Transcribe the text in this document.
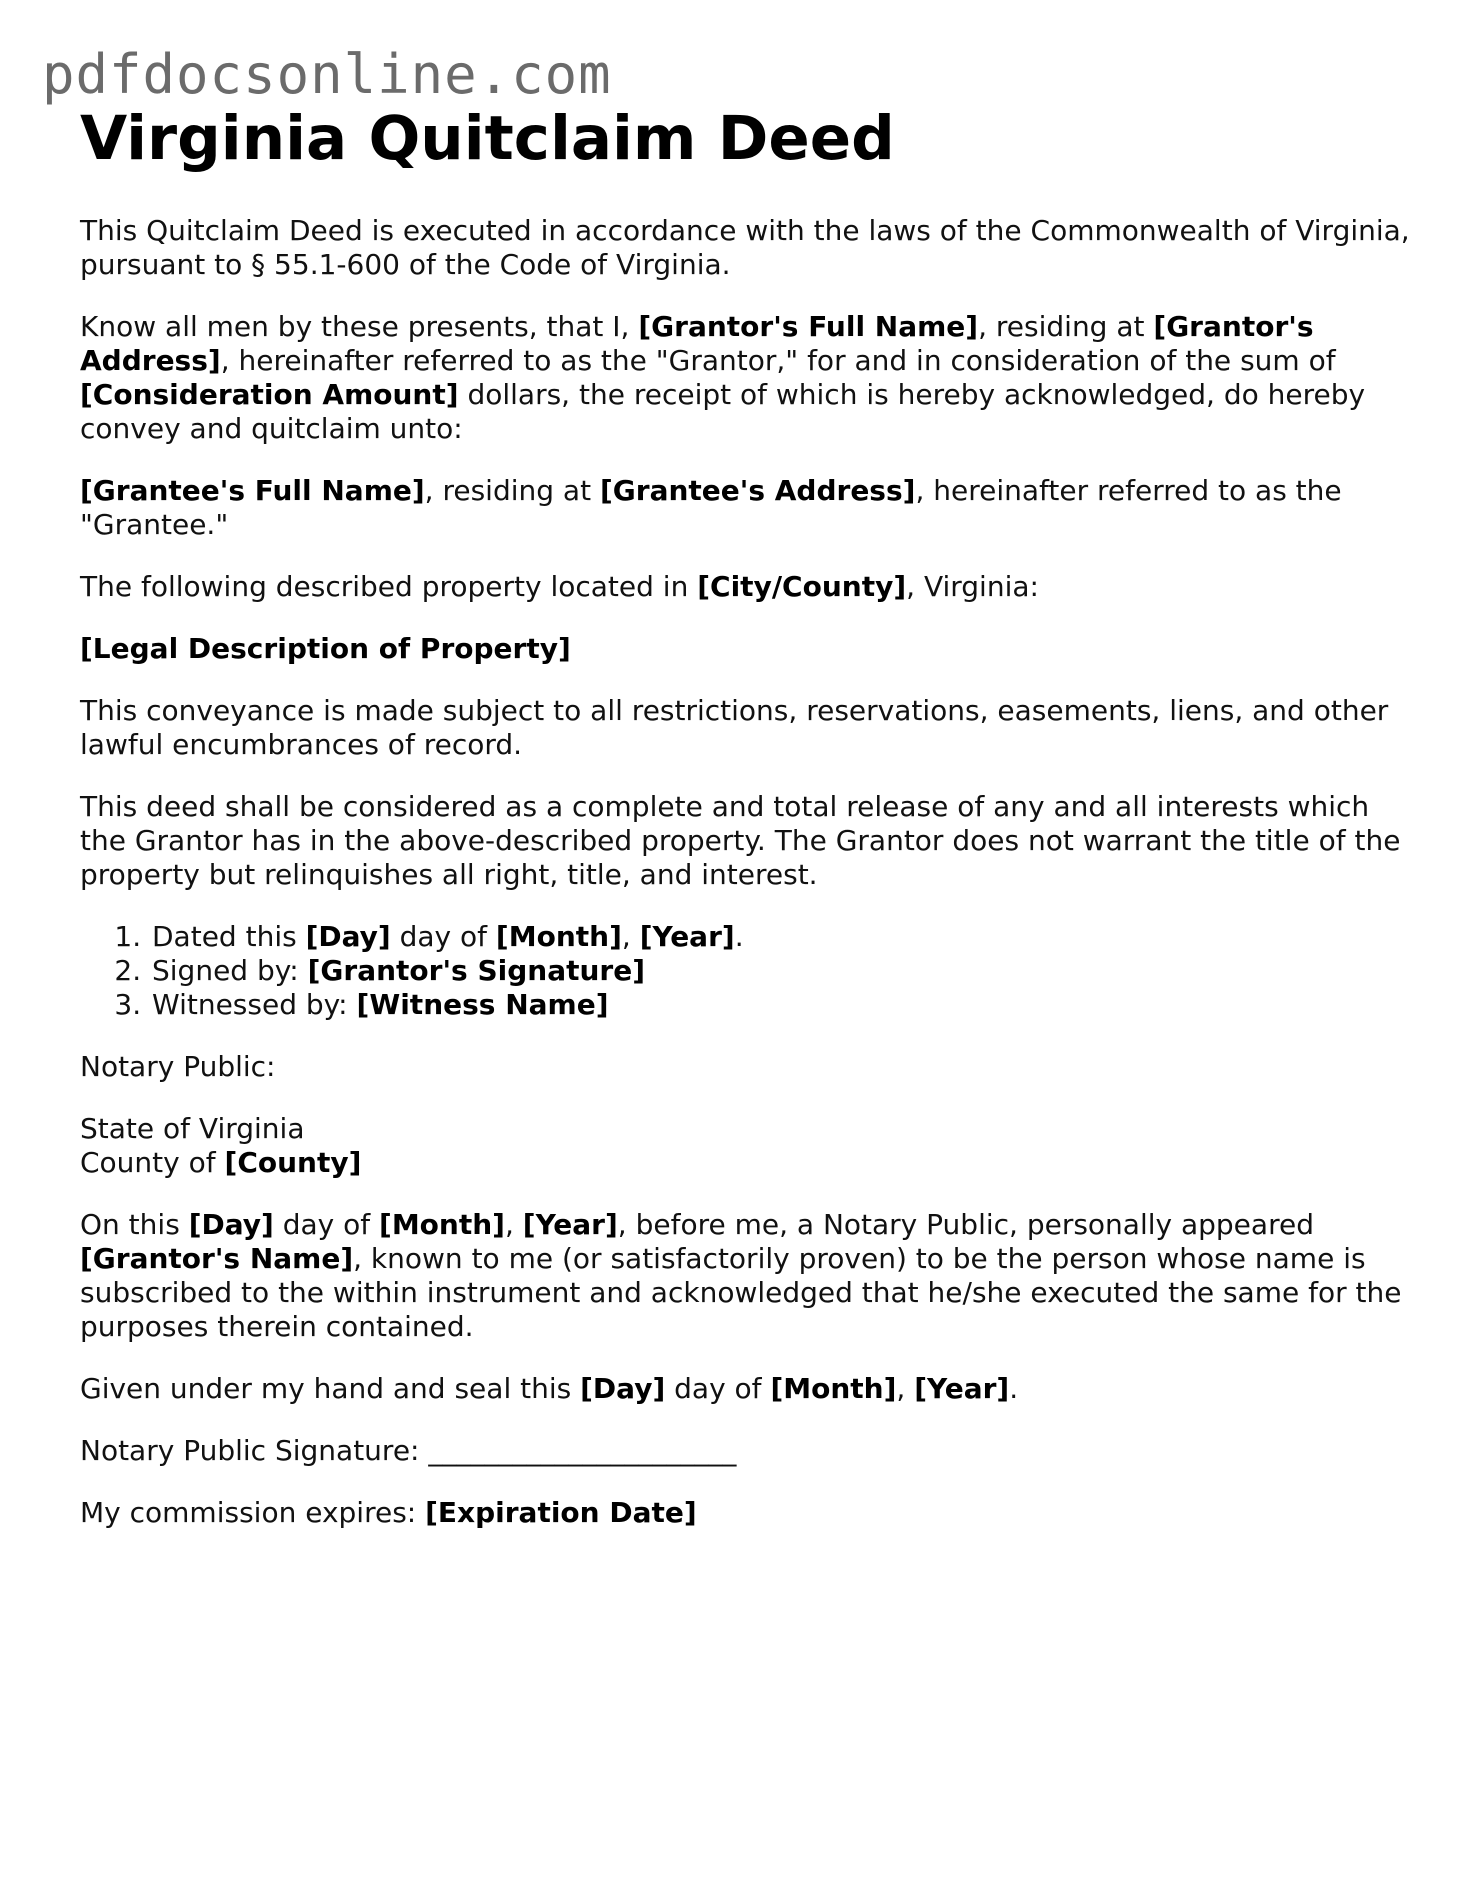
pdfdocsonline.com
Virginia Quitclaim Deed

This Quitclaim Deed is executed in accordance with the laws of the Commonwealth of Virginia, pursuant to § 55.1-600 of the Code of Virginia.

Know all men by these presents, that I, [Grantor's Full Name], residing at [Grantor's Address], hereinafter referred to as the "Grantor," for and in consideration of the sum of [Consideration Amount] dollars, the receipt of which is hereby acknowledged, do hereby convey and quitclaim unto:

[Grantee's Full Name], residing at [Grantee's Address], hereinafter referred to as the "Grantee."

The following described property located in [City/County], Virginia:

[Legal Description of Property]

This conveyance is made subject to all restrictions, reservations, easements, liens, and other lawful encumbrances of record.

This deed shall be considered as a complete and total release of any and all interests which the Grantor has in the above-described property. The Grantor does not warrant the title of the property but relinquishes all right, title, and interest.

1. Dated this [Day] day of [Month], [Year].
2. Signed by: [Grantor's Signature]
3. Witnessed by: [Witness Name]

Notary Public:

State of Virginia
County of [County]

On this [Day] day of [Month], [Year], before me, a Notary Public, personally appeared [Grantor's Name], known to me (or satisfactorily proven) to be the person whose name is subscribed to the within instrument and acknowledged that he/she executed the same for the purposes therein contained.

Given under my hand and seal this [Day] day of [Month], [Year].

Notary Public Signature: ______________________

My commission expires: [Expiration Date]
